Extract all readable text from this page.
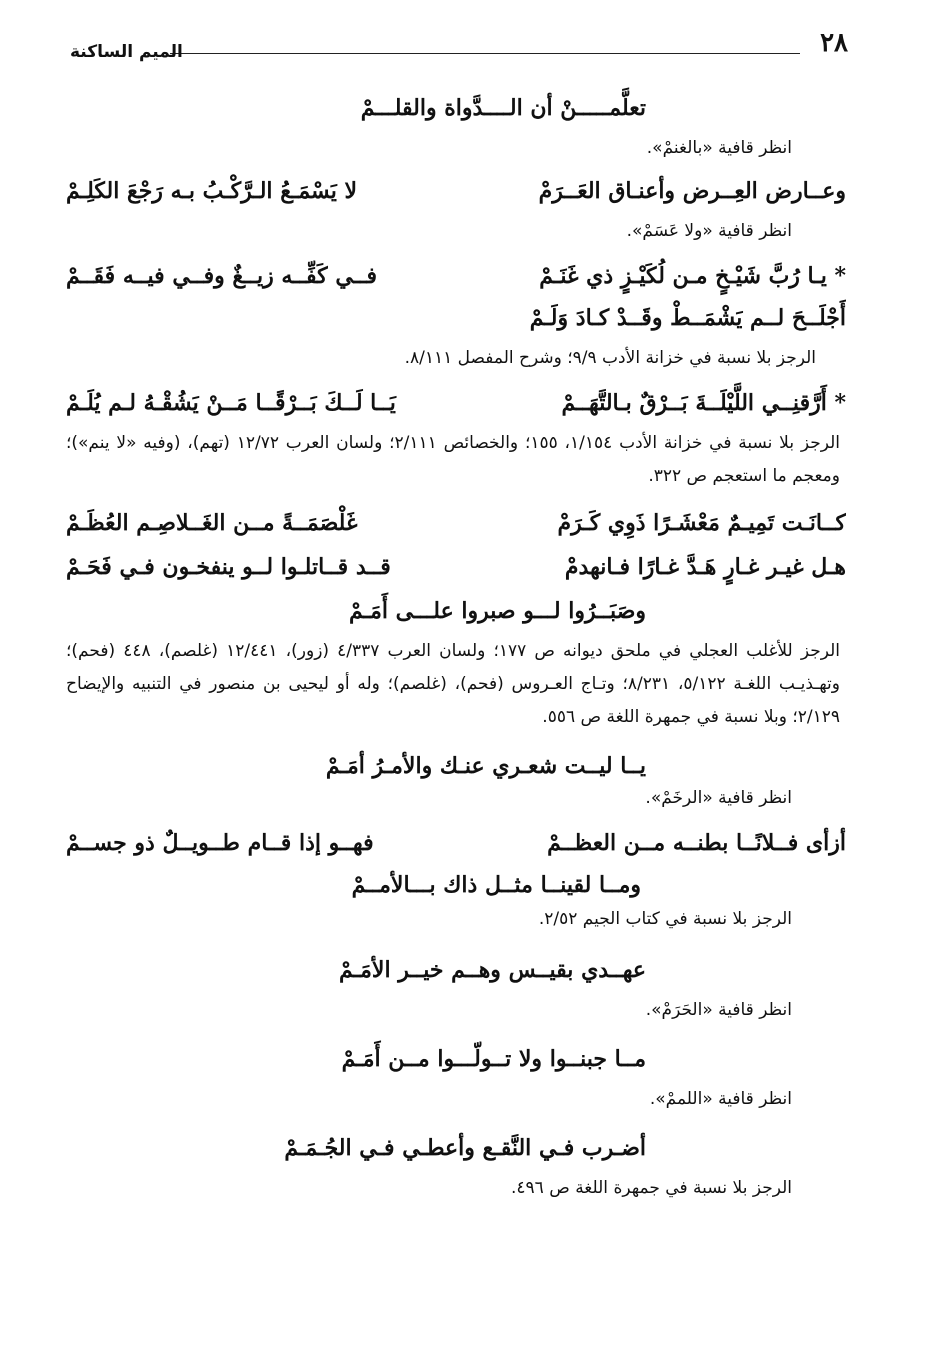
٢٨
الميم الساكنة
تعلَّمـــــنْ أن الــــدَّواة والقلـــمْ
انظر قافية «بالغنمْ».
وعــارض العِــرض وأعنـاق العَــرَمْ
لا يَسْمَـعُ الـرَّكْـبُ بـه رَجْعَ الكَلِـمْ
انظر قافية «ولا عَسَمْ».
* يـا رُبَّ شَيْـخٍ مـن لُكَيْـزٍ ذي غَنَـمْ
فــي كَفِّــه زيــغٌ وفــي فيــه فَقَــمْ
أَجْلَــحَ لــم يَشْمَــطْ وقَــدْ كـادَ وَلَـمْ
الرجز بلا نسبة في خزانة الأدب ٩/٩؛ وشرح المفصل ٨/١١١.
* أَرَّقنِــي اللَّيْلَــةَ بَــرْقٌ بـالتَّهَــمْ
يَــا لَــكَ بَــرْقًــا مَــنْ يَشُقْـهُ لـم يُلَـمْ
الرجز بلا نسبة في خزانة الأدب ١/١٥٤، ١٥٥؛ والخصائص ٢/١١١؛ ولسان العرب ١٢/٧٢ (تهم)، (وفيه «لا ينم»)؛ ومعجم ما استعجم ص ٣٢٢.
كــانَـت تَمِيـمٌ مَعْشَـرًا ذَوِي كَـرَمْ
غَلْصَمَــةً مــن الغَــلاصِـم العُظَـمْ
هـل غيـر غـارٍ هَـدَّ غـارًا فـانهدمْ
قــد قــاتلـوا لــو ينفخـون فـي فَحَـمْ
وصَبَــرُوا لـــو صبروا علـــى أَمَـمْ
الرجز للأغلب العجلي في ملحق ديوانه ص ١٧٧؛ ولسان العرب ٤/٣٣٧ (زور)، ١٢/٤٤١ (غلصم)، ٤٤٨ (فحم)؛ وتهـذيـب اللغـة ٥/١٢٢، ٨/٢٣١؛ وتـاج العـروس (فحم)، (غلصم)؛ وله أو ليحيى بن منصور في التنبيه والإيضاح ٢/١٢٩؛ وبلا نسبة في جمهرة اللغة ص ٥٥٦.
يــا ليــت شعـري عنـك والأمـرُ أمَـمْ
انظر قافية «الرخَمْ».
أزأى فــلانًــا بطنــه مــن العظــمْ
فهــو إذا قــام طــويــلٌ ذو جســمْ
ومــا لقينــا مثــل ذاك بـــالأمــمْ
الرجز بلا نسبة في كتاب الجيم ٢/٥٢.
عهــدي بقيــس وهــم خيــر الأمَـمْ
انظر قافية «الحَرَمْ».
مــا جبنــوا ولا تــولّـــوا مــن أَمَـمْ
انظر قافية «اللممْ».
أضـرب فـي النَّقـع وأعطـي فـي الجُـمَـمْ
الرجز بلا نسبة في جمهرة اللغة ص ٤٩٦.
